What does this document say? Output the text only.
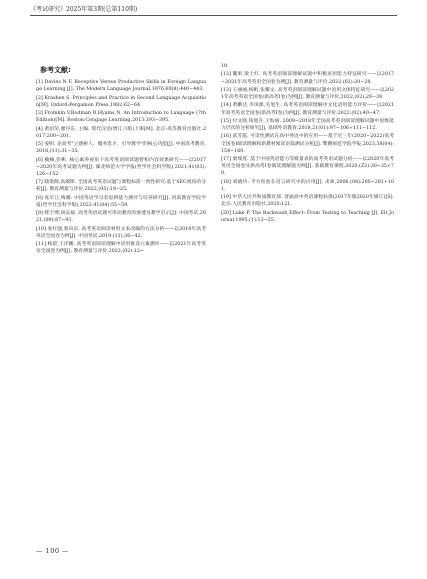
《考试研究》2025年第3期(总第110期)
参考文献:

[1] Davies N F. Receptive Versus Productive Skills in Foreign Language Learning [J]. The Modern Language Journal,1976,60(8):440−443.

[2] Krashen S. Principles and Practice in Second Language Acquisition[M]. Oxford:Pergamon Press,1982:62−64.

[3] Fromkin V,Rodman R,Hyams N. An Introduction to Language (7th Edition)[M]. Boston:Cengage Learning,2013:393−395.

[4] 黄伯荣,廖序东. 主编. 现代汉语(增订六版)上册[M]. 北京:高等教育出版社,2017:200−201.

[5] 姜明. 论高考"立德树人、服务选才、引导教学"的核心功能[J]. 中国高考教育,2018,(11):31−35.

[6] 楠楠,彭彬. 核心素养视角下高考英语阅读题智和内容效果研究——以2017−2020年高考试题为例[J]. 湖北师范大学学报(哲学社会科学版),2021,41(03):126−152.

[7] 晓瑞源,高敏斯. 全国高考英语试题与课程标准一致性研究:基于SEC视角的分析[J]. 教育测量与评价,2022,(05):19−25.

[8] 张军江,梅娜. 中国英语学习者思辨能力测评与培养研究[J]. 河南教育学院学报(哲学社会科学版),2022,41(04):55−59.

[9] 辉宇博,胡庆福. 高考英语试题可用动教育的渗透及教学启示[J]. 中国考试,2021,(09):87−93.

[10] 张红强,蔡向东. 高考英语阅读材料文本改编的方法分析——以2018年高考英语全国卷为例[J]. 中国考试,2019,(11):36−42.

[11] 杨晨,王洋鹏. 高考英语阅读理解中语用推设元素测评——以2021年高考英语全国卷为例[J]. 教育测量与评价,2022,(02):12−

19.

[12] 魏果,梁士红. 高考英语阅读理解试题中积极语用能力特征研究——以2017−2021年高考英语全国卷为例[J]. 教育测量与评价,2022,(02):20−28.

[13] 王丽丽,杨帆,张耀文. 高考英语阅读理解试题中语用文体特征研究——以2021年高考英语全国卷(新高考Ⅰ卷)为例[J]. 教育测量与评价,2022,(02):29−39.

[14] 黄鹏达,李凤源,毛旭生. 高考英语阅读理解中文化语用能力评价——以2021年高考英语全国卷(新高考Ⅰ卷)为例[J]. 教育测量与评价,2022,(02):40−47.

[15] 付文晓,钱旭升,王海丽. 2009−2018年全国高考英语阅读理解试题中思维能力层次的分析研究[J]. 基础外语教育,2019,21(01):97−106+111−112.

[16] 武芳霞. 可读性测试在高中英语中的应用——基于近三年(2020−2022)高考全国卷I阅读理解和新教材阅读语篇测试分析[J]. 鹭嫂师范学院学报,2023,38(04):154−160.

[17] 栗瑞莲. 基于中国英语能力等级量表的高考英语试题分析——以2020年高考英语全国卷及新高考Ⅰ卷阅读理解题为例[J]. 基础教育课程,2020,(Z2):30−35+70.

[18] 刘晓玲. 平方检验在语言研究中的应用[J]. 求索,2006,(08):200−201+101.

[19] 中华人民共和国教育部. 普通高中英语课程标准(2017年版2020年修订)[S]. 北京:人民教育出版社,2020:121.

[20] Luke P. The Backwash Effect: From Testing to Teaching [J]. Elt Journal,1995,(1):13−25.

— 100 —
